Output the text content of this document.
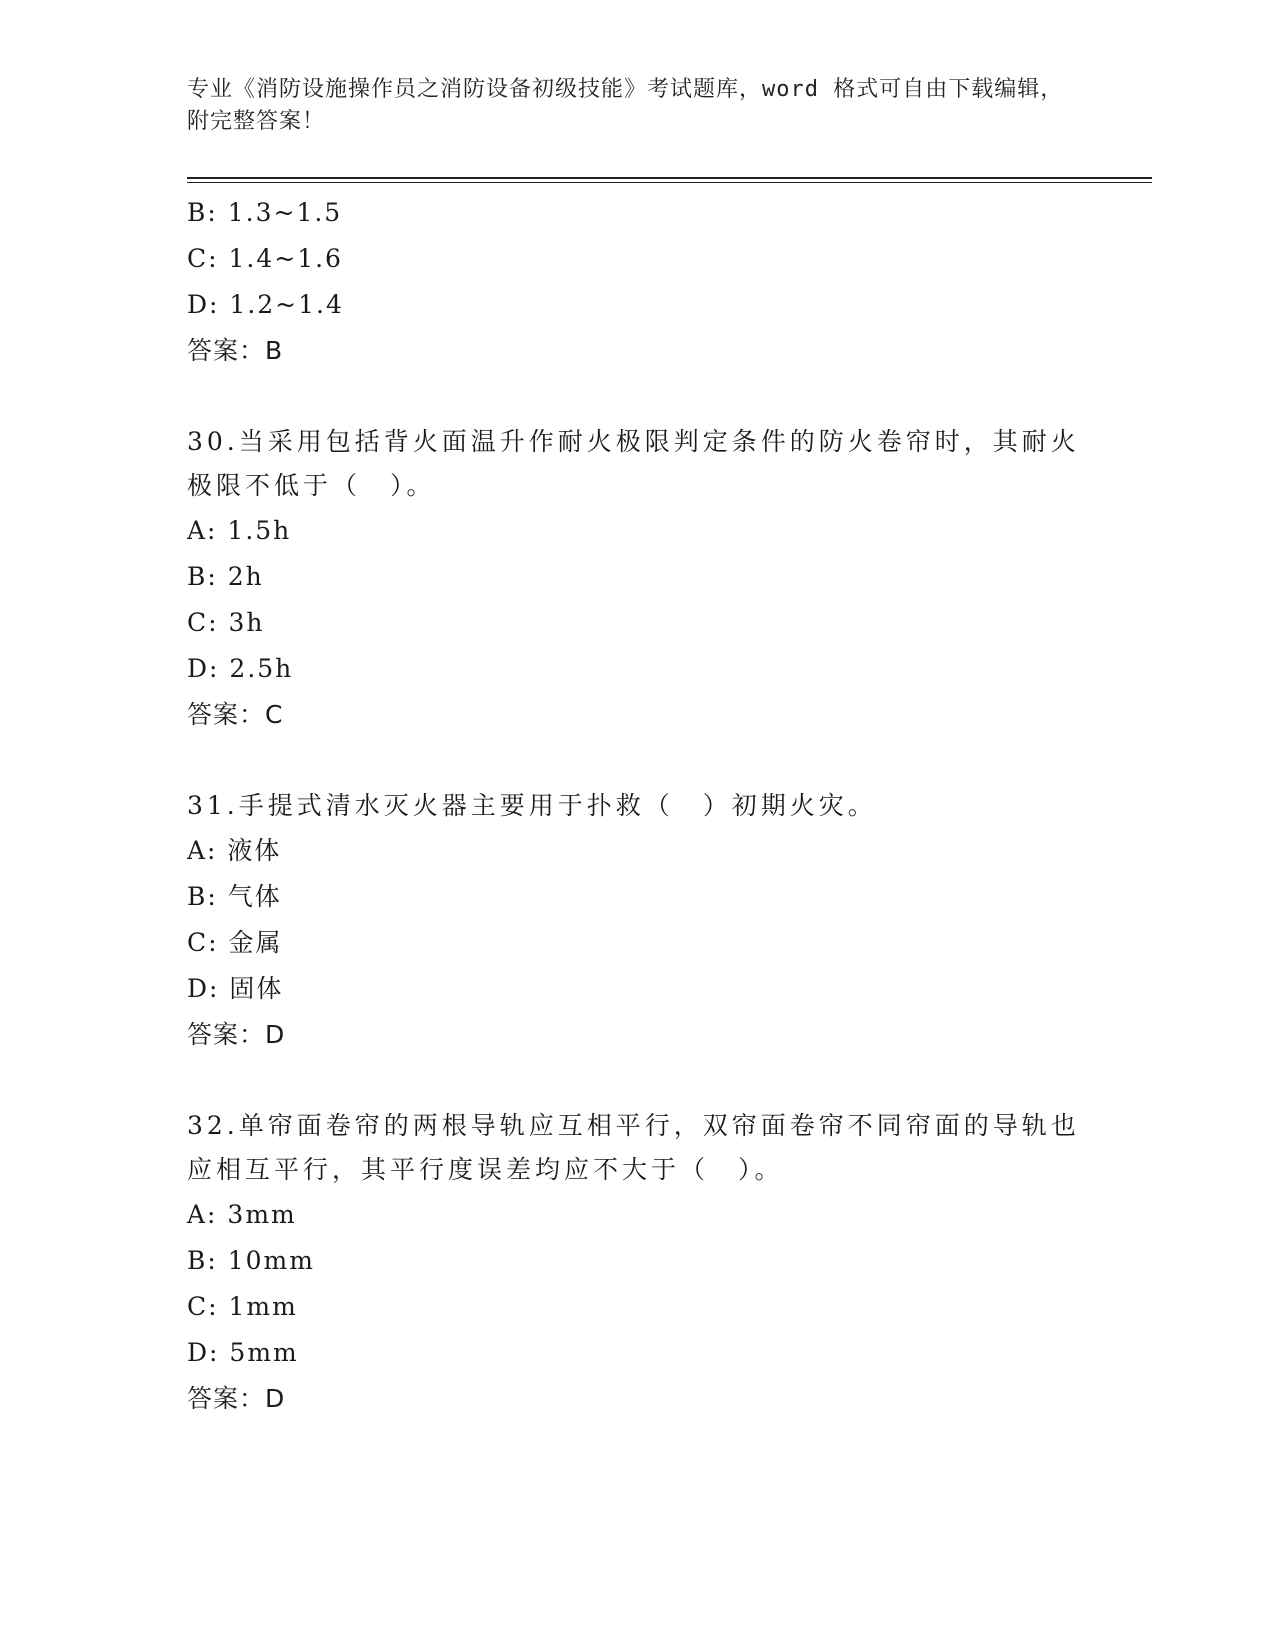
专业《消防设施操作员之消防设备初级技能》考试题库，word 格式可自由下载编辑，附完整答案！
B: 1.3~1.5
C: 1.4~1.6
D: 1.2~1.4
答案：B
30.当采用包括背火面温升作耐火极限判定条件的防火卷帘时，其耐火极限不低于（　）。
A: 1.5h
B: 2h
C: 3h
D: 2.5h
答案：C
31.手提式清水灭火器主要用于扑救（　）初期火灾。
A: 液体
B: 气体
C: 金属
D: 固体
答案：D
32.单帘面卷帘的两根导轨应互相平行，双帘面卷帘不同帘面的导轨也应相互平行，其平行度误差均应不大于（　）。
A: 3mm
B: 10mm
C: 1mm
D: 5mm
答案：D
